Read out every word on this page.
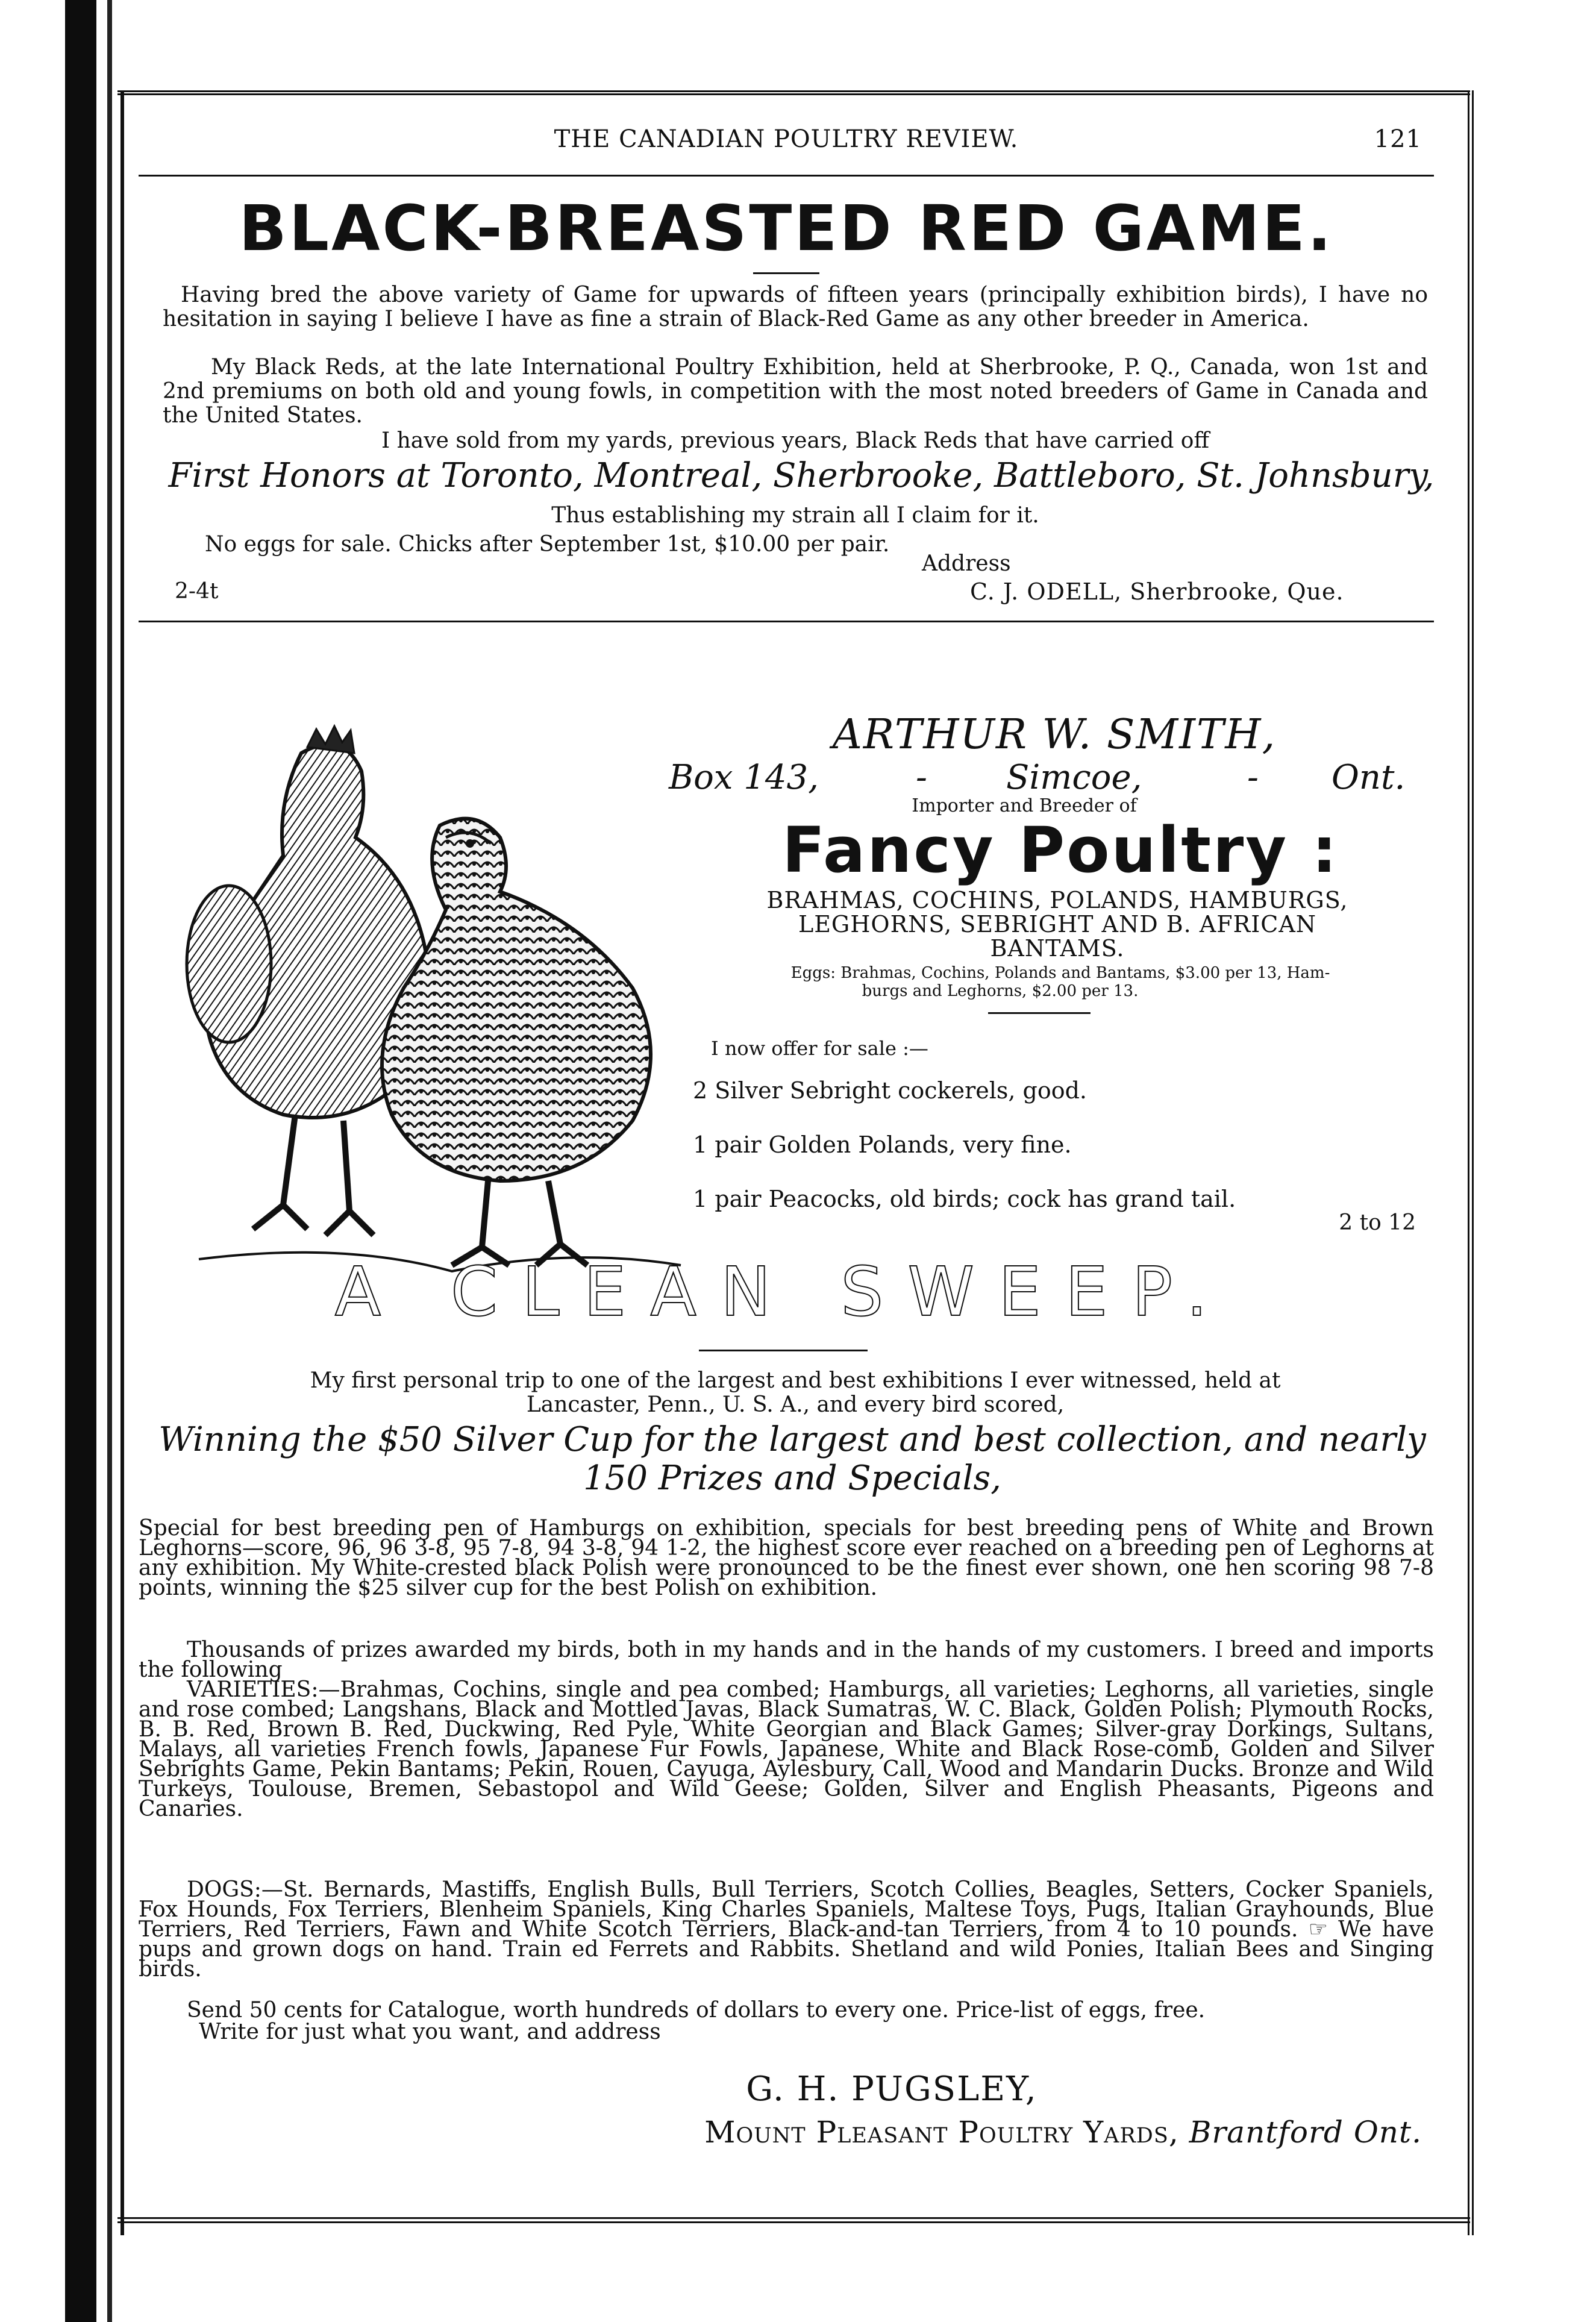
THE CANADIAN POULTRY REVIEW.	121
BLACK-BREASTED RED GAME.
Having bred the above variety of Game for upwards of fifteen years (principally exhibition birds), I have no hesitation in saying I believe I have as fine a strain of Black-Red Game as any other breeder in America.
My Black Reds, at the late International Poultry Exhibition, held at Sherbrooke, P. Q., Canada, won 1st and 2nd premiums on both old and young fowls, in competition with the most noted breeders of Game in Canada and the United States.
I have sold from my yards, previous years, Black Reds that have carried off
First Honors at Toronto, Montreal, Sherbrooke, Battleboro, St. Johnsbury,
Thus establishing my strain all I claim for it.
No eggs for sale. Chicks after September 1st, $10.00 per pair.
Address
2-4t	C. J. ODELL, Sherbrooke, Que.
ARTHUR W. SMITH,
Box 143,	- Simcoe,	- Ont.
Importer and Breeder of
Fancy Poultry :
BRAHMAS, COCHINS, POLANDS, HAMBURGS,
LEGHORNS, SEBRIGHT AND B. AFRICAN
BANTAMS.
Eggs: Brahmas, Cochins, Polands and Bantams, $3.00 per 13, Ham-
burgs and Leghorns, $2.00 per 13.
I now offer for sale :—
2 Silver Sebright cockerels, good.
1 pair Golden Polands, very fine.
1 pair Peacocks, old birds; cock has grand tail.
2 to 12
A CLEAN SWEEP.
My first personal trip to one of the largest and best exhibitions I ever witnessed, held at Lancaster, Penn., U. S. A., and every bird scored,
Winning the $50 Silver Cup for the largest and best collection, and nearly 150 Prizes and Specials,
Special for best breeding pen of Hamburgs on exhibition, specials for best breeding pens of White and Brown Leghorns—score, 96, 96 3-8, 95 7-8, 94 3-8, 94 1-2, the highest score ever reached on a breeding pen of Leghorns at any exhibition. My White-crested black Polish were pronounced to be the finest ever shown, one hen scoring 98 7-8 points, winning the $25 silver cup for the best Polish on exhibition.
Thousands of prizes awarded my birds, both in my hands and in the hands of my customers. I breed and imports the following
VARIETIES:—Brahmas, Cochins, single and pea combed; Hamburgs, all varieties; Leghorns, all varieties, single and rose combed; Langshans, Black and Mottled Javas, Black Sumatras, W. C. Black, Golden Polish; Plymouth Rocks, B. B. Red, Brown B. Red, Duckwing, Red Pyle, White Georgian and Black Games; Silver-gray Dorkings, Sultans, Malays, all varieties French fowls, Japanese Fur Fowls, Japanese, White and Black Rose-comb, Golden and Silver Sebrights Game, Pekin Bantams; Pekin, Rouen, Cayuga, Aylesbury, Call, Wood and Mandarin Ducks. Bronze and Wild Turkeys, Toulouse, Bremen, Sebastopol and Wild Geese; Golden, Silver and English Pheasants, Pigeons and Canaries.
DOGS:—St. Bernards, Mastiffs, English Bulls, Bull Terriers, Scotch Collies, Beagles, Setters, Cocker Spaniels, Fox Hounds, Fox Terriers, Blenheim Spaniels, King Charles Spaniels, Maltese Toys, Pugs, Italian Grayhounds, Blue Terriers, Red Terriers, Fawn and White Scotch Terriers, Black-and-tan Terriers, from 4 to 10 pounds. ☞ We have pups and grown dogs on hand. Train ed Ferrets and Rabbits. Shetland and wild Ponies, Italian Bees and Singing birds.
Send 50 cents for Catalogue, worth hundreds of dollars to every one. Price-list of eggs, free.
Write for just what you want, and address
G. H. PUGSLEY,
Mount Pleasant Poultry Yards, Brantford Ont.
